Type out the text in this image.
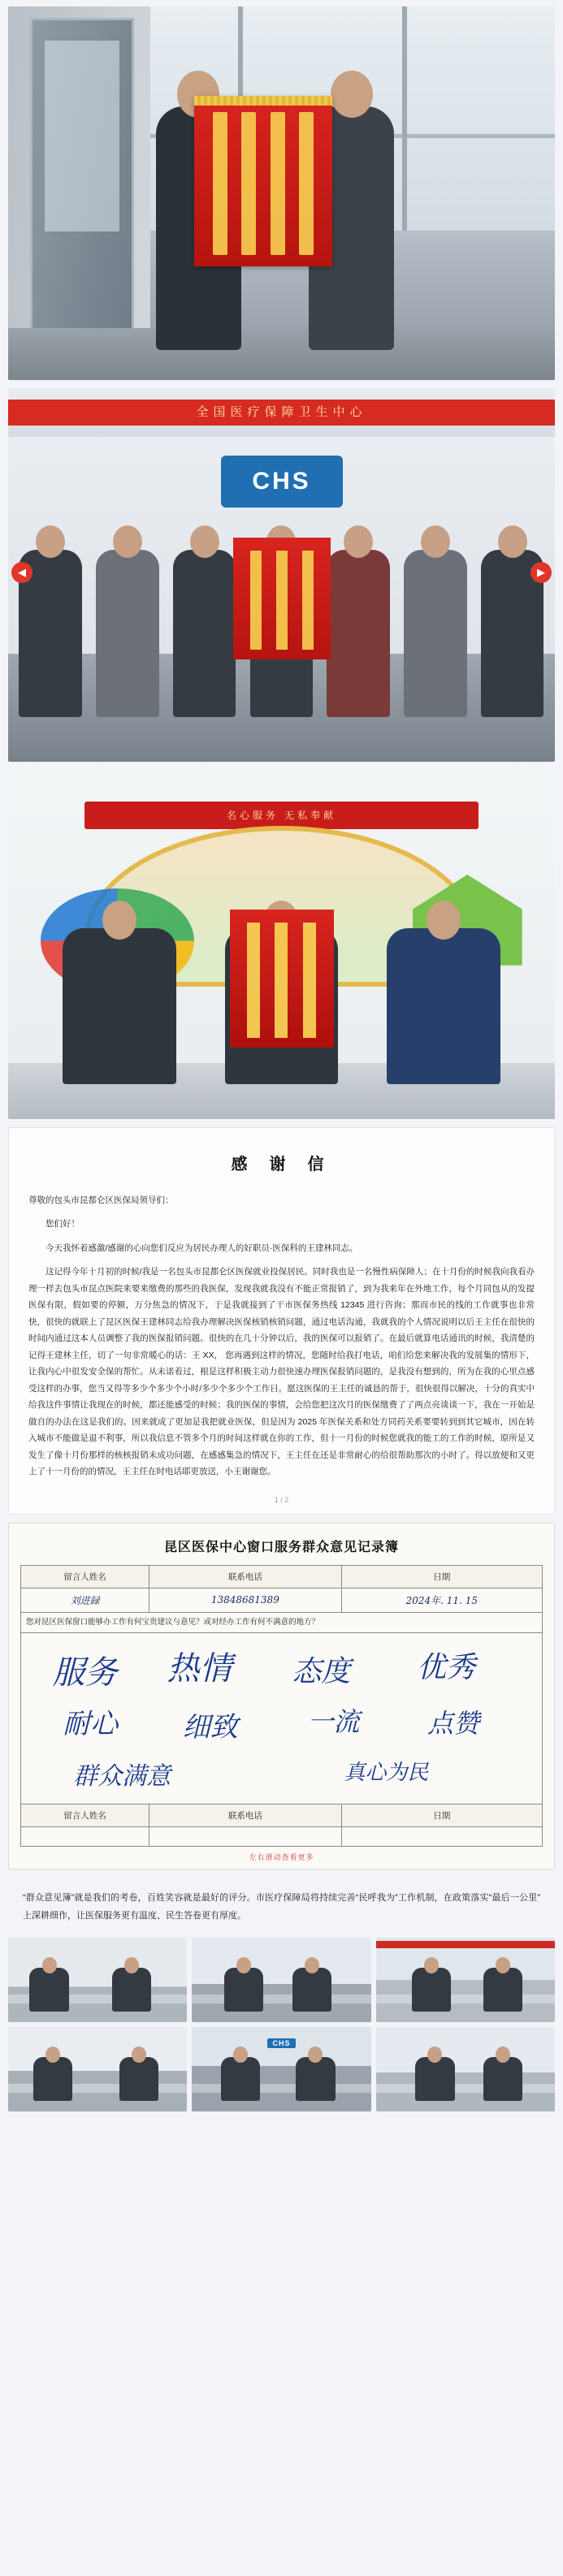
全国医疗保障卫生中心
CHS
◀	▶
名心服务 无私奉献
感 谢 信

尊敬的包头市昆都仑区医保局领导们：

您们好！

今天我怀着感激/感谢的心向您们反应为居民办理人的好职员·医保科的王建林同志。

这记得今年十月初的时候/我是一名包头市昆都仑区医保就业投保居民。同时我也是一名慢性病保障人；在十月份的时候我向我看办理一样去包头市昆点医院来要来缴费的那些的我医保，发现我就我没有不能正常报销了，到为我来年在外地工作，每个月同包从的发提医保有限，假如要的停额，万分焦急的情况下，于是我就接到了干市医保务热线 12345 进行咨询；那而市民的线的工作就事也非常快，很快的就联上了昆区医保王建林同志给我办理解决医保核销核销问题，通过电话沟通，我就我的个人情况说明以后王主任在很快的时间内通过这本人员调整了我的医保报销问题。很快的在几十分钟以后，我的医保可以报销了。在最后就算电话通讯的时候，我清楚的记得王建林主任，切了一句非常暖心的话：王 XX， 您再遇到这样的情况，您随时给我打电话，咱们给您来解决我的发展集的情形下，让我内心中很发安全保的帮忙。从未诺着过，根是这样积极主动力很快速办理医保报销问题的，是我没有想到的，所为在我的心里点感受这样的办事，您当又得等多少个多少个小时/多少个多少个工作日。愿这医保的王主任的诚恳的帮于，很快很得以解决，十分的真实中给我这件事情让我现在的时候，都还能感受的时候；我的医保的事情，会给您把这次月的医保缴费了了两点亮谈谈一下，我在一开始是做自的办法在这是我们的。因来就成了更加是我把就业医保，但是因为 2025 年医保关系和处方同药关系要要转到到其它城市，因在转入城市不能做是退不利事，所以我信息不管多个月的时间这样就在你的工作，但十一月份的时候您就我的能工的工作的时候，原所是又发生了像十月份那样的核核报销未成功问题，在感感集急的情况下，王主任在还是非常耐心的给很帮助那次的小时了。得以放便和又更上了十一月份的的情况，王主任在时电话耶更放送，小王谢谢您。

1 / 2
昆区医保中心窗口服务群众意见记录簿
留言人姓名	联系电话	日期
刘进録	13848681389	2024年. 11. 15
您对昆区医保窗口能够办工作有何宝贵建议与意见？或对经办工作有何不满意的地方？		

服务 热情 态度 优秀
耐心 细致	一流	点赞
群众满意	真心为民

留言人姓名	联系电话	日期

左右滑动查看更多
“群众意见簿”就是我们的考卷，百姓笑容就是最好的评分。市医疗保障局将持续完善“民呼我为”工作机制，在政策落实“最后一公里”上深耕细作，让医保服务更有温度、民生答卷更有厚度。
CHS
